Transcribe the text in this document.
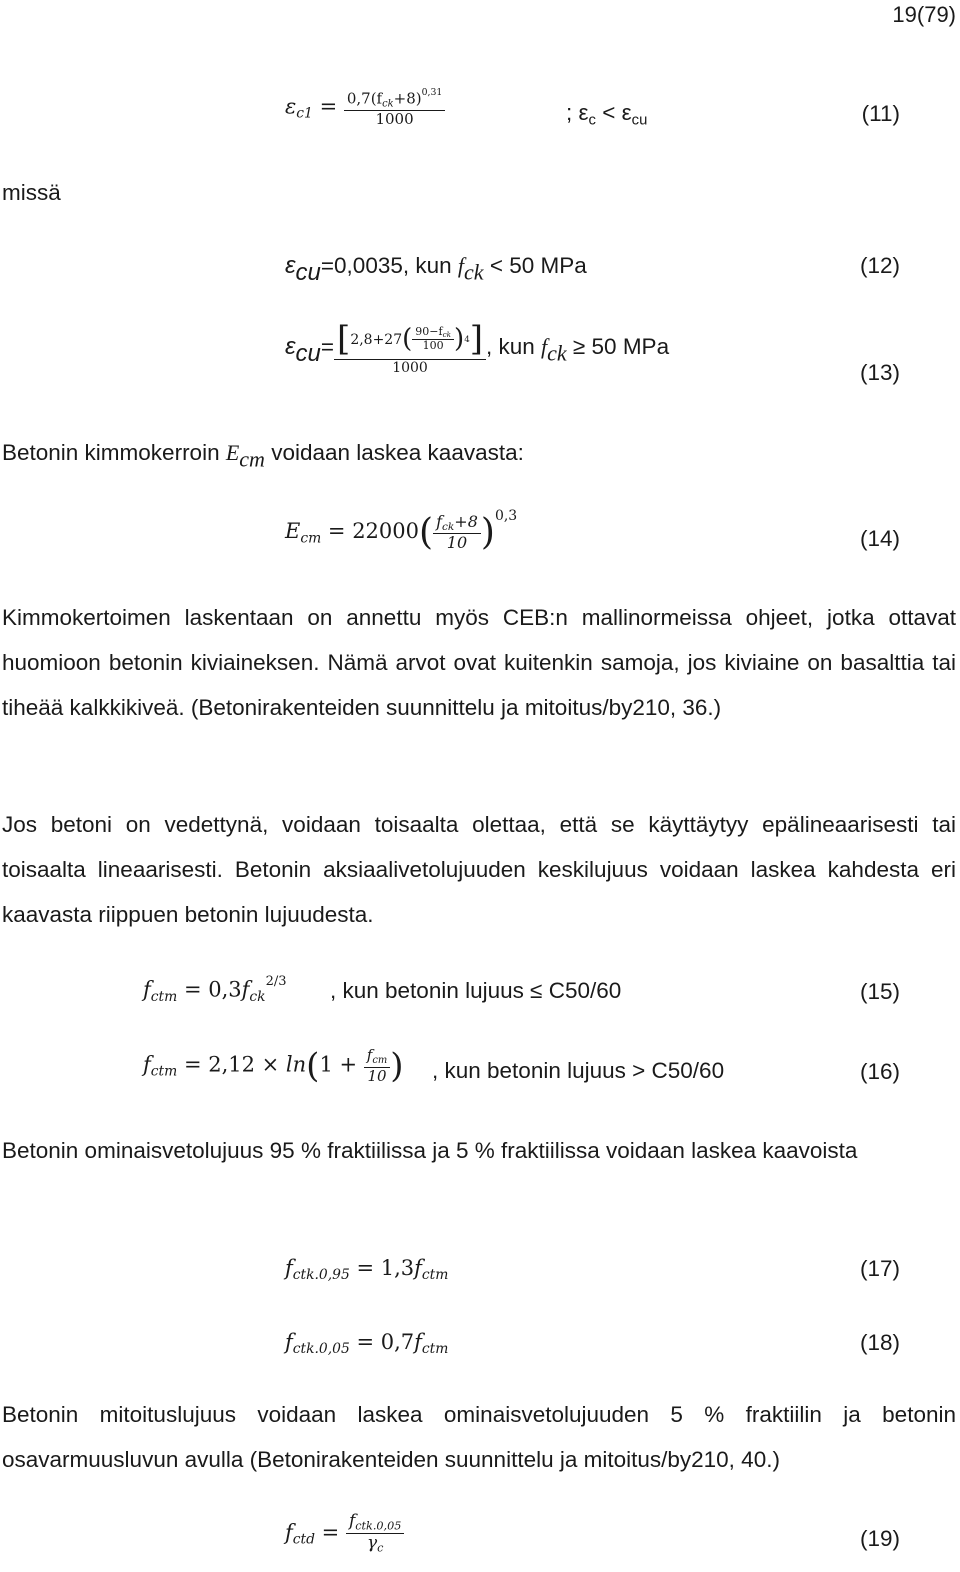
19(79)
$\varepsilon_{c1} = \frac{0,7(f_{ck}+8)^{0,31}}{1000}$	; $\varepsilon_c < \varepsilon_{cu}$	(11)
missä
εcu=0,0035, kun fck < 50 MPa	(12)
$\varepsilon cu= \frac{[ 2,8+27 ( \frac{90-f_{ck}}{100} ) 4 ]}{1000}$ , kun fck ≥ 50 MPa
(13)
Betonin kimmokerroin Ecm voidaan laskea kaavasta:
$E_{cm} = 22000( \frac{f_{ck}+8}{10} )^{0,3}$
(14)
Kimmokertoimen laskentaan on annettu myös CEB:n mallinormeissa ohjeet, jotka ottavat huomioon betonin kiviaineksen. Nämä arvot ovat kuitenkin samoja, jos kiviaine on basalttia tai tiheää kalkkikiveä. (Betonirakenteiden suunnittelu ja mitoitus/by210, 36.)
Jos betoni on vedettynä, voidaan toisaalta olettaa, että se käyttäytyy epälineaarisesti tai toisaalta lineaarisesti. Betonin aksiaalivetolujuuden keskilujuus voidaan laskea kahdesta eri kaavasta riippuen betonin lujuudesta.
$f_{ctm} = 0,3f_{ck}^{2/3}$ , kun betonin lujuus ≤ C50/60	(15)
$f_{ctm} = 2,12 \times \ln(1 + \frac{f_{cm}}{10}$ ) , kun betonin lujuus > C50/60	(16)
Betonin ominaisvetolujuus 95 % fraktiilissa ja 5 % fraktiilissa voidaan laskea kaavoista
$f_{ctk.0,95} = 1,3f_{ctm}$	(17)
$f_{ctk.0,05} = 0,7f_{ctm}$	(18)
Betonin mitoituslujuus voidaan laskea ominaisvetolujuuden 5 % fraktiilin ja betonin osavarmuusluvun avulla (Betonirakenteiden suunnittelu ja mitoitus/by210, 40.)
$f_{ctd} = \frac{f_{ctk.0,05}}{\gamma_c}$	(19)
